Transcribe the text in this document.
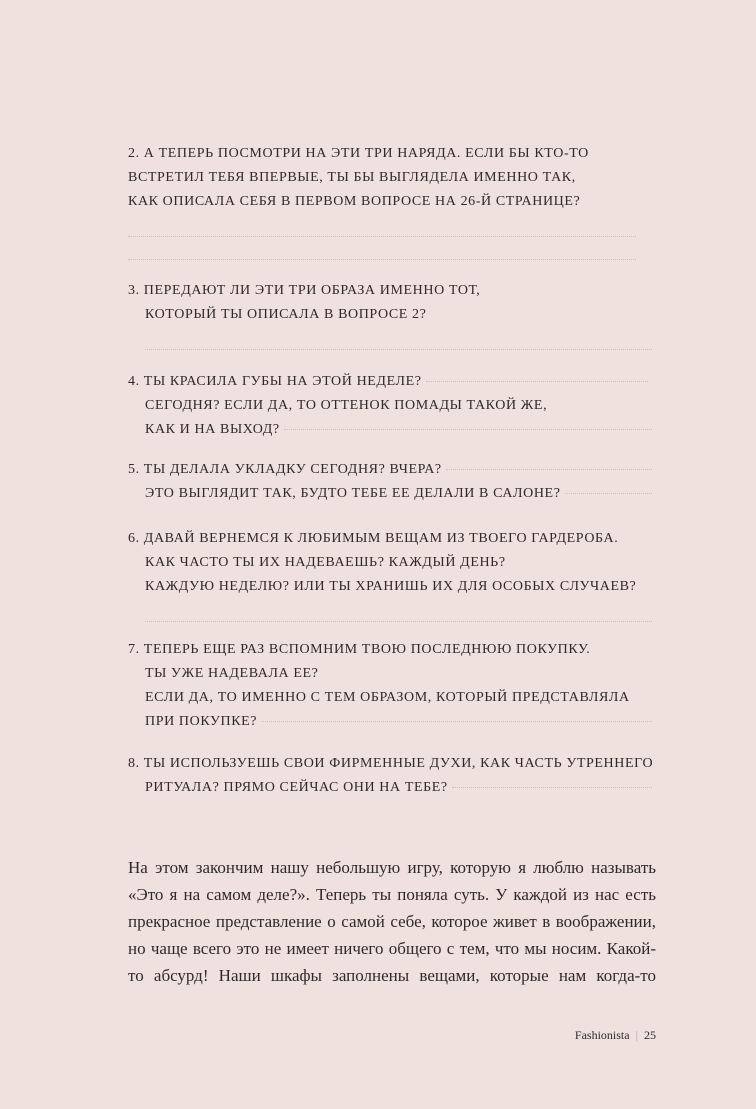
2. А ТЕПЕРЬ ПОСМОТРИ НА ЭТИ ТРИ НАРЯДА. ЕСЛИ БЫ КТО-ТО
ВСТРЕТИЛ ТЕБЯ ВПЕРВЫЕ, ТЫ БЫ ВЫГЛЯДЕЛА ИМЕННО ТАК,
КАК ОПИСАЛА СЕБЯ В ПЕРВОМ ВОПРОСЕ НА 26-Й СТРАНИЦЕ?
3. ПЕРЕДАЮТ ЛИ ЭТИ ТРИ ОБРАЗА ИМЕННО ТОТ,
КОТОРЫЙ ТЫ ОПИСАЛА В ВОПРОСЕ 2?
4. ТЫ КРАСИЛА ГУБЫ НА ЭТОЙ НЕДЕЛЕ?
СЕГОДНЯ? ЕСЛИ ДА, ТО ОТТЕНОК ПОМАДЫ ТАКОЙ ЖЕ,
КАК И НА ВЫХОД?
5. ТЫ ДЕЛАЛА УКЛАДКУ СЕГОДНЯ? ВЧЕРА?
ЭТО ВЫГЛЯДИТ ТАК, БУДТО ТЕБЕ ЕЕ ДЕЛАЛИ В САЛОНЕ?
6. ДАВАЙ ВЕРНЕМСЯ К ЛЮБИМЫМ ВЕЩАМ ИЗ ТВОЕГО ГАРДЕРОБА.
КАК ЧАСТО ТЫ ИХ НАДЕВАЕШЬ? КАЖДЫЙ ДЕНЬ?
КАЖДУЮ НЕДЕЛЮ? ИЛИ ТЫ ХРАНИШЬ ИХ ДЛЯ ОСОБЫХ СЛУЧАЕВ?
7. ТЕПЕРЬ ЕЩЕ РАЗ ВСПОМНИМ ТВОЮ ПОСЛЕДНЮЮ ПОКУПКУ.
ТЫ УЖЕ НАДЕВАЛА ЕЕ?
ЕСЛИ ДА, ТО ИМЕННО С ТЕМ ОБРАЗОМ, КОТОРЫЙ ПРЕДСТАВЛЯЛА
ПРИ ПОКУПКЕ?
8. ТЫ ИСПОЛЬЗУЕШЬ СВОИ ФИРМЕННЫЕ ДУХИ, КАК ЧАСТЬ УТРЕННЕГО
РИТУАЛА? ПРЯМО СЕЙЧАС ОНИ НА ТЕБЕ?

На этом закончим нашу небольшую игру, которую я люблю называть

«Это я на самом деле?». Теперь ты поняла суть. У каждой из нас есть

прекрасное представление о самой себе, которое живет в воображении,

но чаще всего это не имеет ничего общего с тем, что мы носим. Какой-

то абсурд! Наши шкафы заполнены вещами, которые нам когда-то

Fashionista | 25
